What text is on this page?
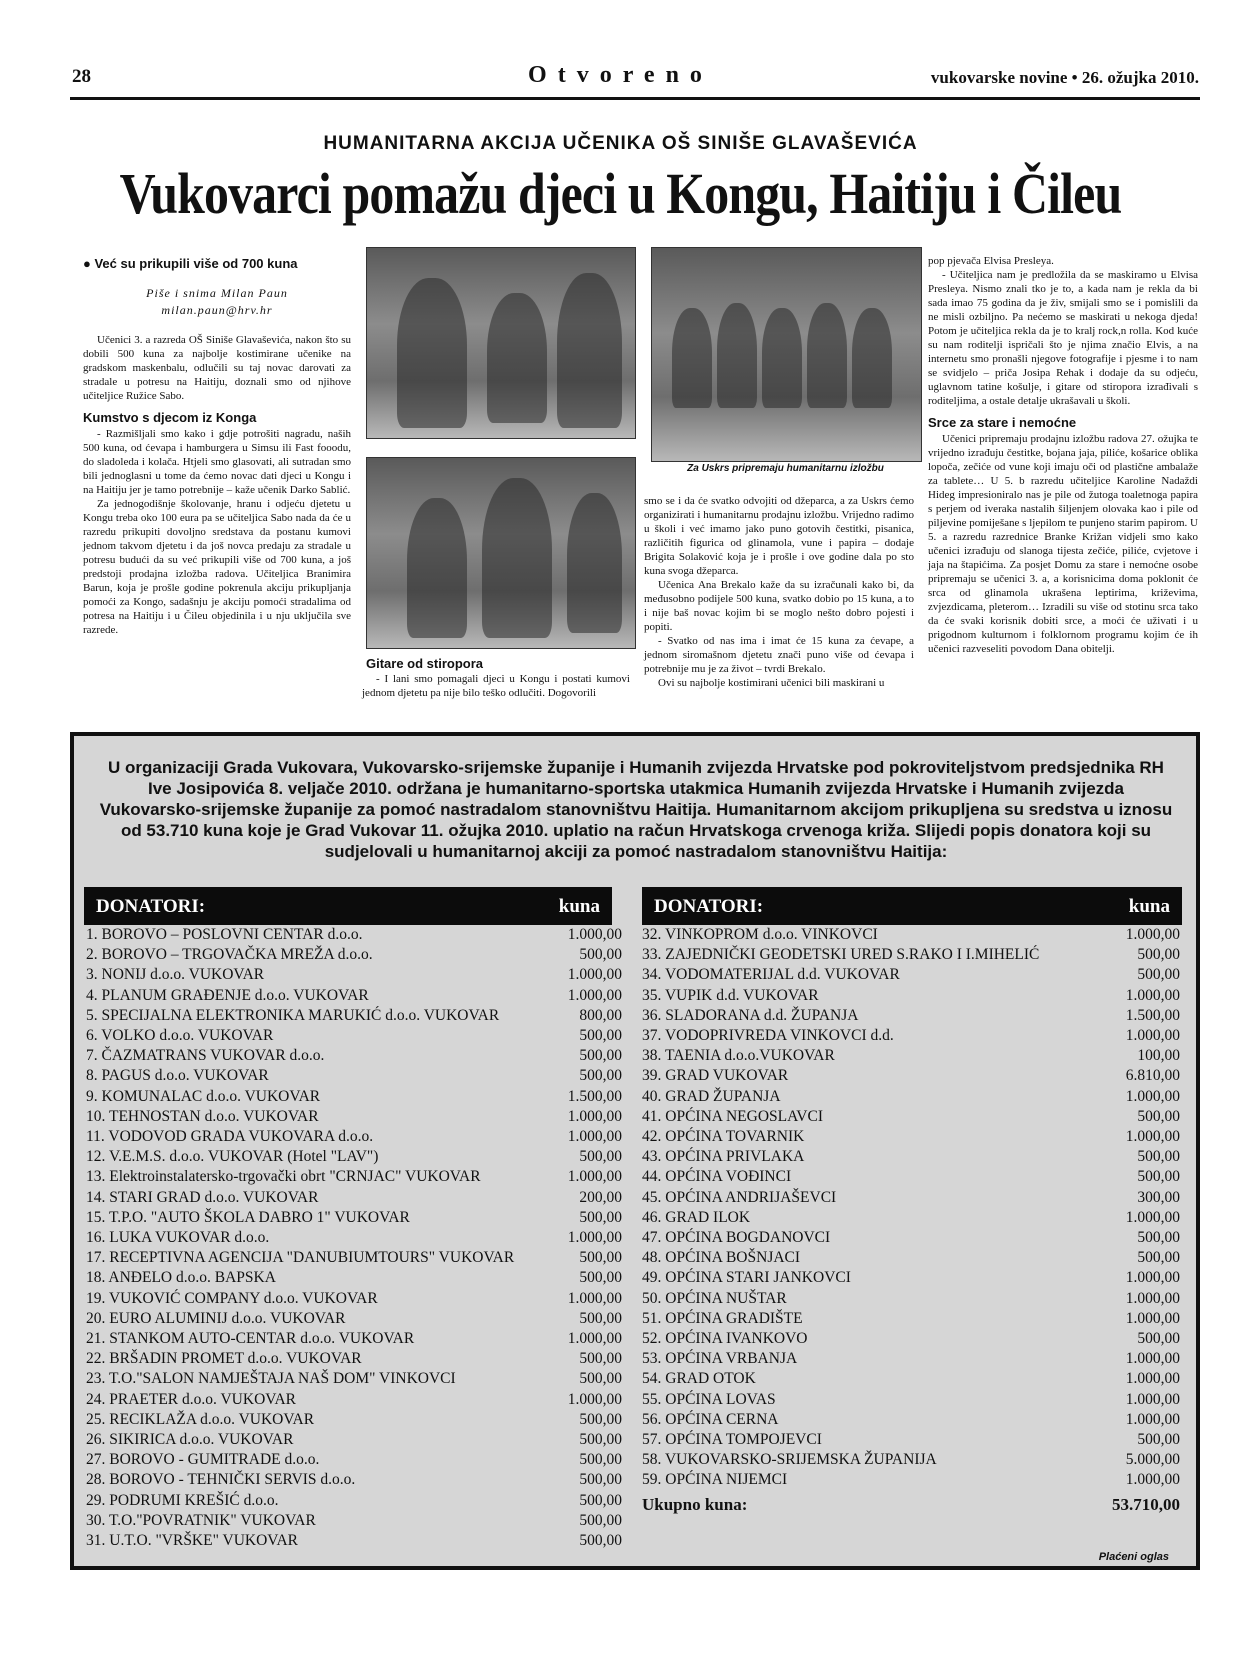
28	Otvoreno	vukovarske novine • 26. ožujka 2010.
HUMANITARNA AKCIJA UČENIKA OŠ SINIŠE GLAVAŠEVIĆA
Vukovarci pomažu djeci u Kongu, Haitiju i Čileu
● Već su prikupili više od 700 kuna
Piše i snima Milan Paun
milan.paun@hrv.hr

Učenici 3. a razreda OŠ Siniše Glavaševića, nakon što su dobili 500 kuna za najbolje kostimirane učenike na gradskom maskenbalu, odlučili su taj novac darovati za stradale u potresu na Haitiju, doznali smo od njihove učiteljice Ružice Sabo.

Kumstvo s djecom iz Konga

- Razmišljali smo kako i gdje potrošiti nagradu, naših 500 kuna, od ćevapa i hamburgera u Simsu ili Fast fooodu, do sladoleda i kolača. Htjeli smo glasovati, ali sutradan smo bili jednoglasni u tome da ćemo novac dati djeci u Kongu i na Haitiju jer je tamo potrebnije – kaže učenik Darko Sablić.

Za jednogodišnje školovanje, hranu i odjeću djetetu u Kongu treba oko 100 eura pa se učiteljica Sabo nada da će u razredu prikupiti dovoljno sredstava da postanu kumovi jednom takvom djetetu i da još novca predaju za stradale u potresu budući da su već prikupili više od 700 kuna, a još predstoji prodajna izložba radova. Učiteljica Branimira Barun, koja je prošle godine pokrenula akciju prikupljanja pomoći za Kongo, sadašnju je akciju pomoći stradalima od potresa na Haitiju i u Čileu objedinila i u nju uključila sve razrede.

Gitare od stiropora
Za Uskrs pripremaju humanitarnu izložbu

- I lani smo pomagali djeci u Kongu i postati kumovi jednom djetetu pa nije bilo teško odlučiti. Dogovorili

smo se i da će svatko odvojiti od džeparca, a za Uskrs ćemo organizirati i humanitarnu prodajnu izložbu. Vrijedno radimo u školi i već imamo jako puno gotovih čestitki, pisanica, različitih figurica od glinamola, vune i papira – dodaje Brigita Solaković koja je i prošle i ove godine dala po sto kuna svoga džeparca.

Učenica Ana Brekalo kaže da su izračunali kako bi, da međusobno podijele 500 kuna, svatko dobio po 15 kuna, a to i nije baš novac kojim bi se moglo nešto dobro pojesti i popiti.

- Svatko od nas ima i imat će 15 kuna za ćevape, a jednom siromašnom djetetu znači puno više od ćevapa i potrebnije mu je za život – tvrdi Brekalo.

Ovi su najbolje kostimirani učenici bili maskirani u

pop pjevača Elvisa Presleya.

- Učiteljica nam je predložila da se maskiramo u Elvisa Presleya. Nismo znali tko je to, a kada nam je rekla da bi sada imao 75 godina da je živ, smijali smo se i pomislili da ne misli ozbiljno. Pa nećemo se maskirati u nekoga djeda! Potom je učiteljica rekla da je to kralj rock,n rolla. Kod kuće su nam roditelji ispričali što je njima značio Elvis, a na internetu smo pronašli njegove fotografije i pjesme i to nam se svidjelo – priča Josipa Rehak i dodaje da su odjeću, uglavnom tatine košulje, i gitare od stiropora izrađivali s roditeljima, a ostale detalje ukrašavali u školi.

Srce za stare i nemoćne

Učenici pripremaju prodajnu izložbu radova 27. ožujka te vrijedno izrađuju čestitke, bojana jaja, piliće, košarice oblika lopoča, zečiće od vune koji imaju oči od plastične ambalaže za tablete… U 5. b razredu učiteljice Karoline Nadaždi Hideg impresioniralo nas je pile od žutoga toaletnoga papira s perjem od iveraka nastalih šiljenjem olovaka kao i pile od piljevine pomiješane s ljepilom te punjeno starim papirom. U 5. a razredu razrednice Branke Križan vidjeli smo kako učenici izrađuju od slanoga tijesta zečiće, piliće, cvjetove i jaja na štapićima. Za posjet Domu za stare i nemoćne osobe pripremaju se učenici 3. a, a korisnicima doma poklonit će srca od glinamola ukrašena leptirima, križevima, zvjezdicama, pleterom… Izradili su više od stotinu srca tako da će svaki korisnik dobiti srce, a moći će uživati i u prigodnom kulturnom i folklornom programu kojim će ih učenici razveseliti povodom Dana obitelji.

U organizaciji Grada Vukovara, Vukovarsko-srijemske županije i Humanih zvijezda Hrvatske pod pokroviteljstvom predsjednika RH Ive Josipovića 8. veljače 2010. održana je humanitarno-sportska utakmica Humanih zvijezda Hrvatske i Humanih zvijezda Vukovarsko-srijemske županije za pomoć nastradalom stanovništvu Haitija. Humanitarnom akcijom prikupljena su sredstva u iznosu od 53.710 kuna koje je Grad Vukovar 11. ožujka 2010. uplatio na račun Hrvatskoga crvenoga križa. Slijedi popis donatora koji su sudjelovali u humanitarnoj akciji za pomoć nastradalom stanovništvu Haitija:
DONATORI:	kuna	DONATORI:	kuna
1. BOROVO – POSLOVNI CENTAR d.o.o.	1.000,00
2. BOROVO – TRGOVAČKA MREŽA d.o.o.	500,00
3. NONIJ d.o.o. VUKOVAR	1.000,00
4. PLANUM GRAĐENJE d.o.o. VUKOVAR	1.000,00
5. SPECIJALNA ELEKTRONIKA MARUKIĆ d.o.o. VUKOVAR	800,00
6. VOLKO d.o.o. VUKOVAR	500,00
7. ČAZMATRANS VUKOVAR d.o.o.	500,00
8. PAGUS d.o.o. VUKOVAR	500,00
9. KOMUNALAC d.o.o. VUKOVAR	1.500,00
10. TEHNOSTAN d.o.o. VUKOVAR	1.000,00
11. VODOVOD GRADA VUKOVARA d.o.o.	1.000,00
12. V.E.M.S. d.o.o. VUKOVAR (Hotel "LAV")	500,00
13. Elektroinstalatersko-trgovački obrt "CRNJAC" VUKOVAR	1.000,00
14. STARI GRAD d.o.o. VUKOVAR	200,00
15. T.P.O. "AUTO ŠKOLA DABRO 1" VUKOVAR	500,00
16. LUKA VUKOVAR d.o.o.	1.000,00
17. RECEPTIVNA AGENCIJA "DANUBIUMTOURS" VUKOVAR	500,00
18. ANĐELO d.o.o. BAPSKA	500,00
19. VUKOVIĆ COMPANY d.o.o. VUKOVAR	1.000,00
20. EURO ALUMINIJ d.o.o. VUKOVAR	500,00
21. STANKOM AUTO-CENTAR d.o.o. VUKOVAR	1.000,00
22. BRŠADIN PROMET d.o.o. VUKOVAR	500,00
23. T.O."SALON NAMJEŠTAJA NAŠ DOM" VINKOVCI	500,00
24. PRAETER d.o.o. VUKOVAR	1.000,00
25. RECIKLAŽA d.o.o. VUKOVAR	500,00
26. SIKIRICA d.o.o. VUKOVAR	500,00
27. BOROVO - GUMITRADE d.o.o.	500,00
28. BOROVO - TEHNIČKI SERVIS d.o.o.	500,00
29. PODRUMI KREŠIĆ d.o.o.	500,00
30. T.O."POVRATNIK" VUKOVAR	500,00
31. U.T.O. "VRŠKE" VUKOVAR	500,00
32. VINKOPROM d.o.o. VINKOVCI	1.000,00
33. ZAJEDNIČKI GEODETSKI URED S.RAKO I I.MIHELIĆ	500,00
34. VODOMATERIJAL d.d. VUKOVAR	500,00
35. VUPIK d.d. VUKOVAR	1.000,00
36. SLADORANA d.d. ŽUPANJA	1.500,00
37. VODOPRIVREDA VINKOVCI d.d.	1.000,00
38. TAENIA d.o.o.VUKOVAR	100,00
39. GRAD VUKOVAR	6.810,00
40. GRAD ŽUPANJA	1.000,00
41. OPĆINA NEGOSLAVCI	500,00
42. OPĆINA TOVARNIK	1.000,00
43. OPĆINA PRIVLAKA	500,00
44. OPĆINA VOĐINCI	500,00
45. OPĆINA ANDRIJAŠEVCI	300,00
46. GRAD ILOK	1.000,00
47. OPĆINA BOGDANOVCI	500,00
48. OPĆINA BOŠNJACI	500,00
49. OPĆINA STARI JANKOVCI	1.000,00
50. OPĆINA NUŠTAR	1.000,00
51. OPĆINA GRADIŠTE	1.000,00
52. OPĆINA IVANKOVO	500,00
53. OPĆINA VRBANJA	1.000,00
54. GRAD OTOK	1.000,00
55. OPĆINA LOVAS	1.000,00
56. OPĆINA CERNA	1.000,00
57. OPĆINA TOMPOJEVCI	500,00
58. VUKOVARSKO-SRIJEMSKA ŽUPANIJA	5.000,00
59. OPĆINA NIJEMCI	1.000,00
Ukupno kuna:	53.710,00
Plaćeni oglas
